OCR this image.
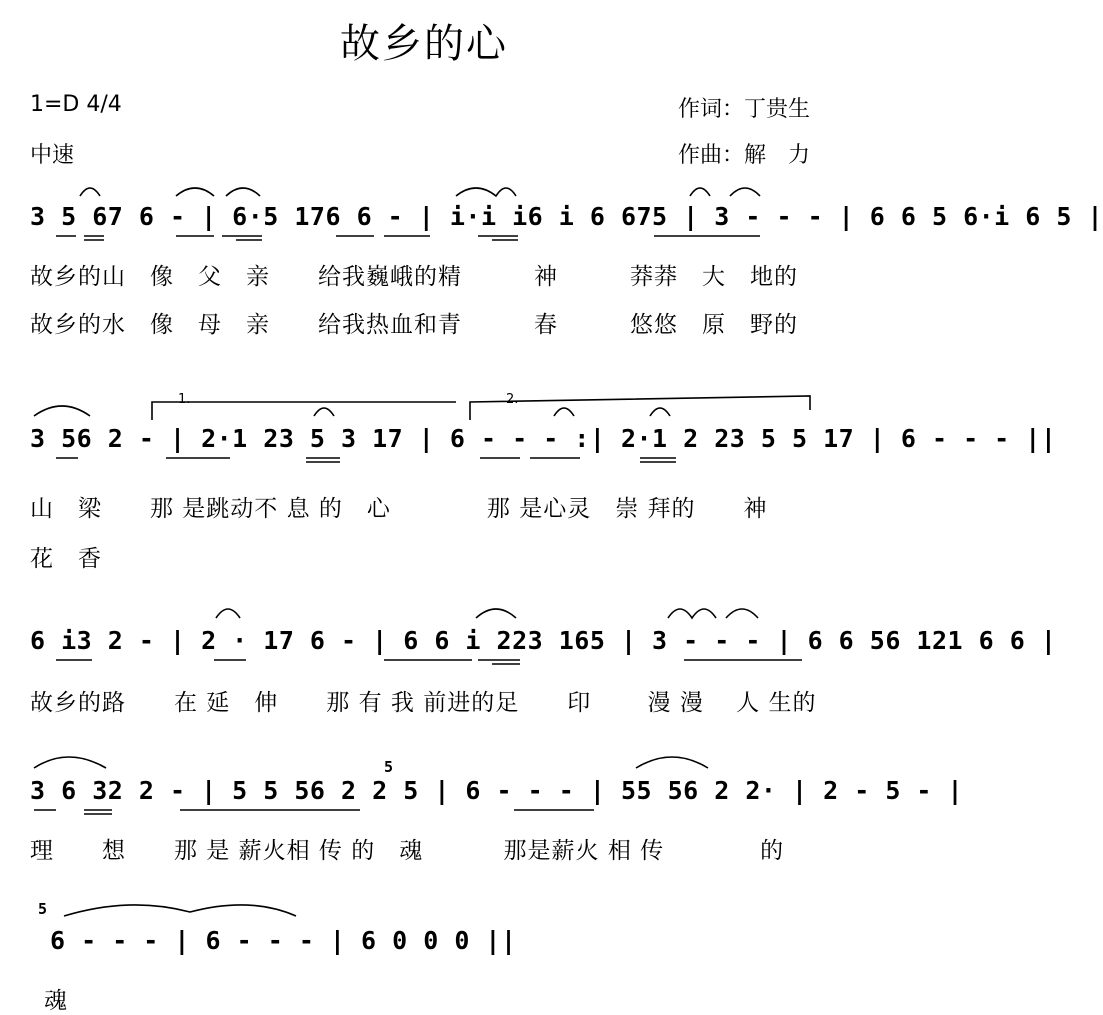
故乡的心
1=D 4/4
中速
作词：丁贵生
作曲：解　力
3 5 67 6 - | 6·5 176 6 - | i·i i6 i 6 675 | 3 - - - | 6 6 5 6·i 6 5 |
故乡的山　像　父　亲　　给我巍峨的精　　　神　　　莽莽　大　地的
故乡的水　像　母　亲　　给我热血和青　　　春　　　悠悠　原　野的
1.	2.
3 56 2 - | 2·1 23 5 3 17 | 6 - - - :| 2·1 2 23 5 5 17 | 6 - - - ||
山　梁　　那 是跳动不 息 的　心　　　　那 是心灵　崇 拜的　　神
花　香
6 i3 2 - | 2 · 17 6 - | 6 6 i 223 165 | 3 - - - | 6 6 56 121 6 6 |
故乡的路　　在 延　伸　　那 有 我 前进的足　　印　　 漫 漫　 人 生的
5
3 6 32 2 - | 5 5 56 2 2 5 | 6 - - - | 55 56 2 2· | 2 - 5 - |
理　　想　　那 是 薪火相 传 的　魂　　　 那是薪火 相 传　　　　的
5
6 - - - | 6 - - - | 6 0 0 0 ||
魂
